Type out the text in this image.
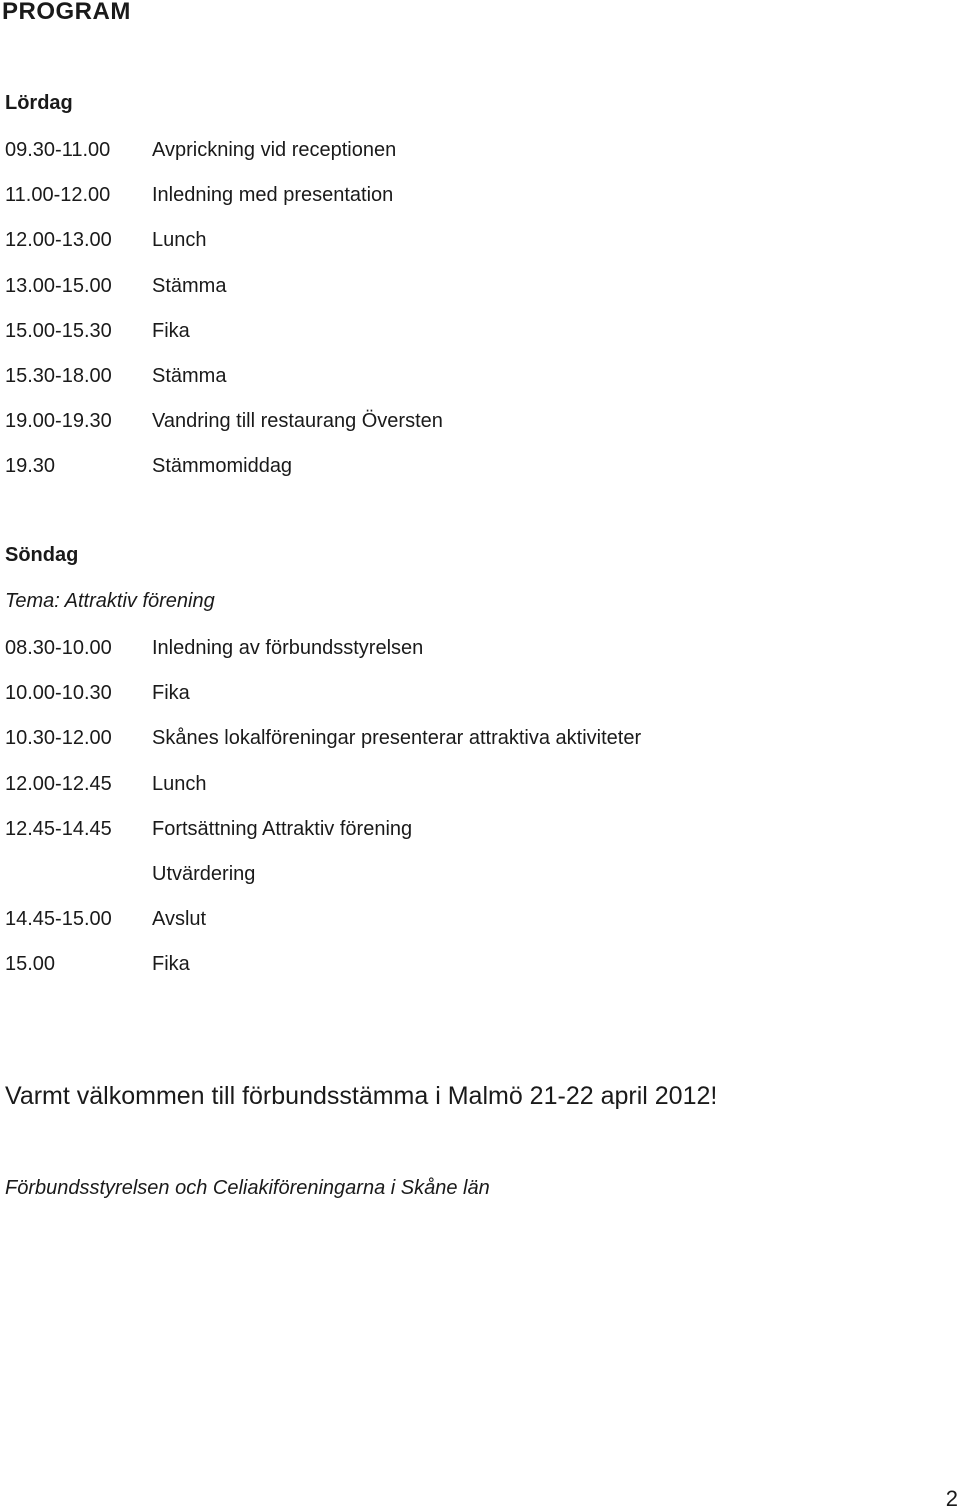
PROGRAM
Lördag
09.30-11.00	Avprickning vid receptionen
11.00-12.00	Inledning med presentation
12.00-13.00	Lunch
13.00-15.00	Stämma
15.00-15.30	Fika
15.30-18.00	Stämma
19.00-19.30	Vandring till restaurang Översten
19.30	Stämmomiddag
Söndag

Tema: Attraktiv förening

08.30-10.00	Inledning av förbundsstyrelsen
10.00-10.30	Fika
10.30-12.00	Skånes lokalföreningar presenterar attraktiva aktiviteter
12.00-12.45	Lunch
12.45-14.45	Fortsättning Attraktiv förening
Utvärdering
14.45-15.00	Avslut
15.00	Fika

Varmt välkommen till förbundsstämma i Malmö 21-22 april 2012!

Förbundsstyrelsen och Celiakiföreningarna i Skåne län

2
